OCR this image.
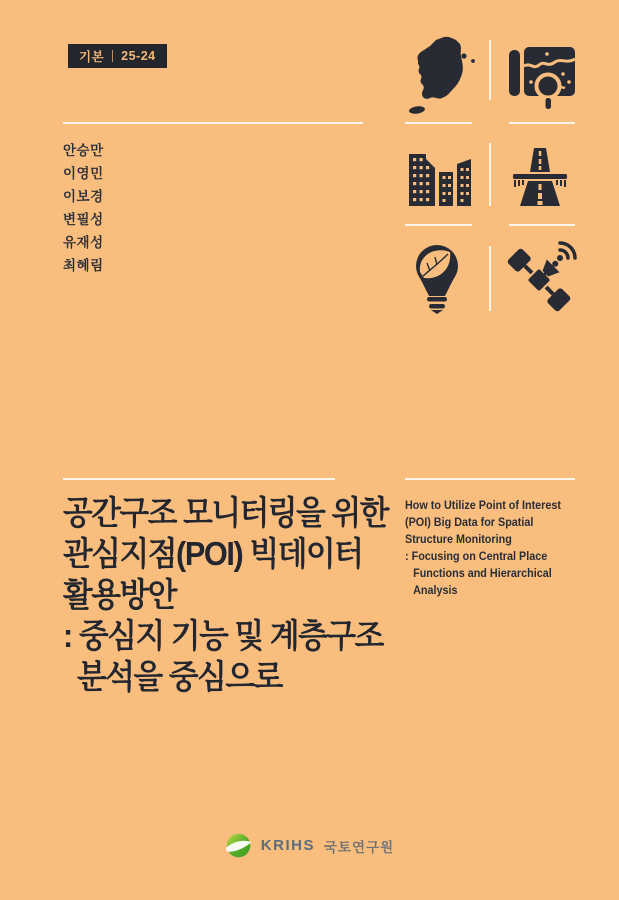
기본 25-24
안승만
이영민
이보경
변필성
유재성
최혜림
공간구조 모니터링을 위한
관심지점(POI) 빅데이터
활용방안
: 중심지 기능 및 계층구조
분석을 중심으로
How to Utilize Point of Interest
(POI) Big Data for Spatial
Structure Monitoring
: Focusing on Central Place
Functions and Hierarchical
Analysis
KRIHS 국토연구원
